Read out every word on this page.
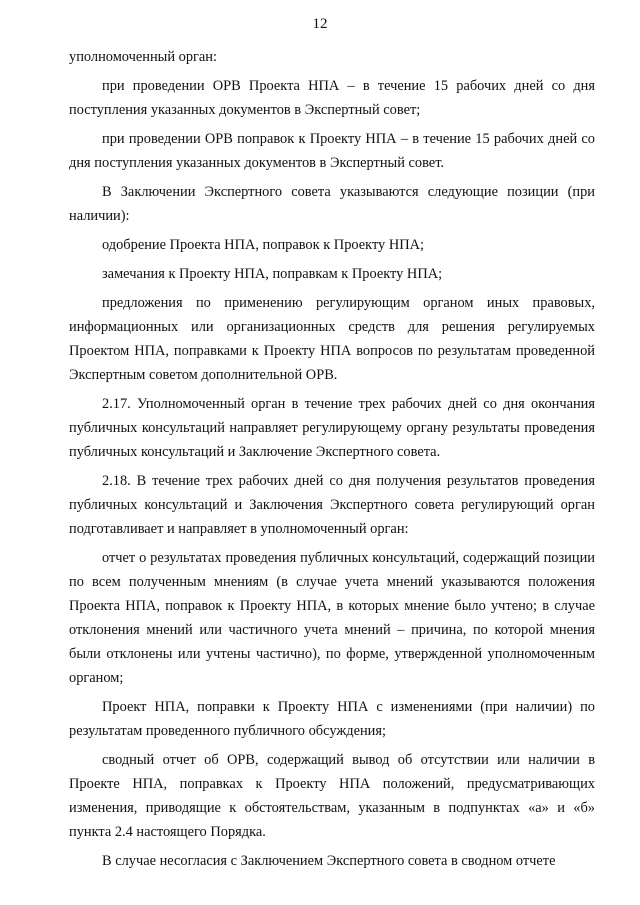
12

уполномоченный орган:

при проведении ОРВ Проекта НПА – в течение 15 рабочих дней со дня поступления указанных документов в Экспертный совет;

при проведении ОРВ поправок к Проекту НПА – в течение 15 рабочих дней со дня поступления указанных документов в Экспертный совет.

В Заключении Экспертного совета указываются следующие позиции (при наличии):

одобрение Проекта НПА, поправок к Проекту НПА;

замечания к Проекту НПА, поправкам к Проекту НПА;

предложения по применению регулирующим органом иных правовых, информационных или организационных средств для решения регулируемых Проектом НПА, поправками к Проекту НПА вопросов по результатам проведенной Экспертным советом дополнительной ОРВ.

2.17. Уполномоченный орган в течение трех рабочих дней со дня окончания публичных консультаций направляет регулирующему органу результаты проведения публичных консультаций и Заключение Экспертного совета.

2.18. В течение трех рабочих дней со дня получения результатов проведения публичных консультаций и Заключения Экспертного совета регулирующий орган подготавливает и направляет в уполномоченный орган:

отчет о результатах проведения публичных консультаций, содержащий позиции по всем полученным мнениям (в случае учета мнений указываются положения Проекта НПА, поправок к Проекту НПА, в которых мнение было учтено; в случае отклонения мнений или частичного учета мнений – причина, по которой мнения были отклонены или учтены частично), по форме, утвержденной уполномоченным органом;

Проект НПА, поправки к Проекту НПА с изменениями (при наличии) по результатам проведенного публичного обсуждения;

сводный отчет об ОРВ, содержащий вывод об отсутствии или наличии в Проекте НПА, поправках к Проекту НПА положений, предусматривающих изменения, приводящие к обстоятельствам, указанным в подпунктах «а» и «б» пункта 2.4 настоящего Порядка.

В случае несогласия с Заключением Экспертного совета в сводном отчете
